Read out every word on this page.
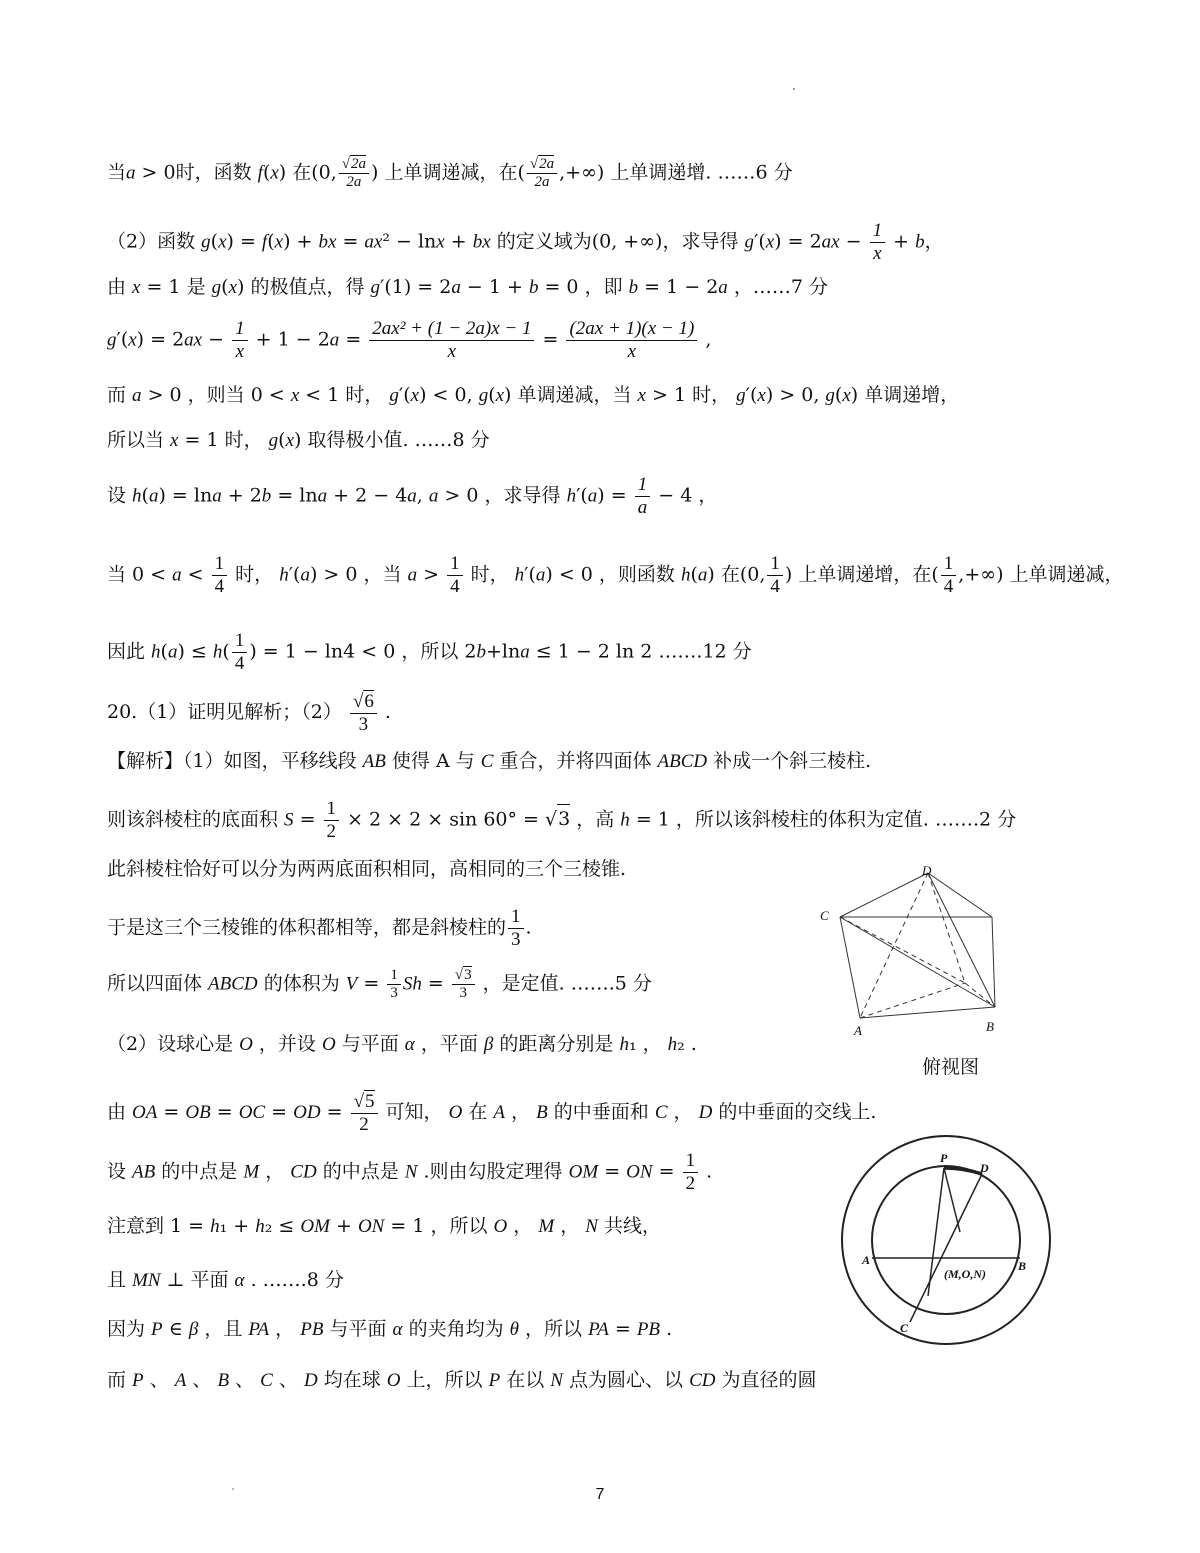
当a > 0时，函数 f(x) 在(0, $\frac{√2a}{2a}$ ) 上单调递减，在( $\frac{√2a}{2a}$ ,+∞) 上单调递增. ……6 分
（2）函数 g(x) = f(x) + bx = ax² − lnx + bx 的定义域为(0, +∞)，求导得 $g'(x) = 2ax - \frac{1}{x} + b$，
由 x = 1 是 g(x) 的极值点，得 g′(1) = 2a − 1 + b = 0 ，即 b = 1 − 2a ，……7 分
$g'(x) = 2ax - \frac{1}{x} + 1 - 2a = \frac{\text{2ax² + (1 − 2a)x − 1}}{x} = \frac{(2ax + 1)(x - 1)}{x}$ ,
而 a > 0 ，则当 0 < x < 1 时， g′(x) < 0, g(x) 单调递减，当 x > 1 时， g′(x) > 0, g(x) 单调递增，
所以当 x = 1 时， g(x) 取得极小值. ……8 分
设 h(a) = lna + 2b = lna + 2 − 4a, a > 0 ，求导得 $h'(a) = \frac{1}{a} - 4$ ，
当 $0 < a < \frac{1}{4}$ 时， h′(a) > 0 ，当 $a > \frac{1}{4}$ 时， h′(a) < 0 ，则函数 h(a) 在(0, $\frac{1}{4}$ ) 上单调递增，在( $\frac{1}{4}$ ,+∞) 上单调递减，
因此 $h(a) \le h( \frac{1}{4}$ ) = 1 − ln4 < 0 ，所以 2b+lna ≤ 1 − 2 ln 2 …….12 分
20.（1）证明见解析；$(2) \frac{√6}{3}$ .
【解析】（1）如图，平移线段 AB 使得 A 与 C 重合，并将四面体 ABCD 补成一个斜三棱柱.
则该斜棱柱的底面积 $S = \frac{1}{2} \times 2 \times 2 \times \sin 60^\circ = √3$ ，高 h = 1 ，所以该斜棱柱的体积为定值. …….2 分
此斜棱柱恰好可以分为两两底面积相同，高相同的三个三棱锥.
于是这三个三棱锥的体积都相等，都是斜棱柱的 $\frac{1}{3}$ .
所以四面体 ABCD 的体积为 $V = \frac{1}{3}$ $Sh = \frac{√3}{3}$ ，是定值. …….5 分
（2）设球心是 O ，并设 O 与平面 α ，平面 β 的距离分别是 h₁ ， h₂ .
由 OA = OB = OC = OD = $\frac{√5}{2}$ 可知， O 在 A ， B 的中垂面和 C ， D 的中垂面的交线上.
设 AB 的中点是 M ， CD 的中点是 N .则由勾股定理得 OM = ON = $\frac{1}{2}$ .
注意到 1 = h₁ + h₂ ≤ OM + ON = 1 ，所以 O ， M ， N 共线，
且 MN ⊥ 平面 α . …….8 分
因为 P ∈ β ，且 PA ， PB 与平面 α 的夹角均为 θ ，所以 PA = PB .
而 P 、 A 、 B 、 C 、 D 均在球 O 上，所以 P 在以 N 点为圆心、以 CD 为直径的圆
D
C
A	B
P
D
A	B
C
(M,O,N)
俯视图
7
